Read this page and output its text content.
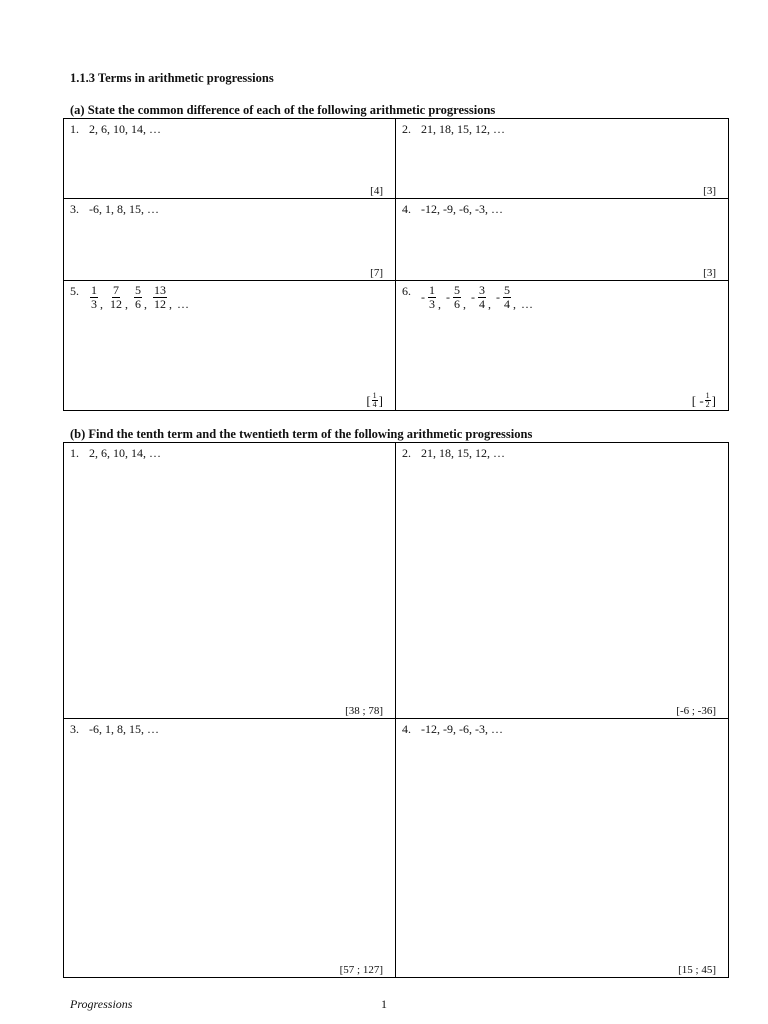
1.1.3 Terms in arithmetic progressions
(a) State the common difference of each of the following arithmetic progressions
1. 2, 6, 10, 14, …
[4]
2. 21, 18, 15, 12, …
[3]
3. -6, 1, 8, 15, …
[7]
4. -12, -9, -6, -3, …
[3]
5. $\frac{1}{3}$ , $\frac{7}{12}$ , $\frac{5}{6}$ , $\frac{13}{12}$ , …
[ $\frac{1}{4}$ ]
6. - $\frac{1}{3}$ , - $\frac{5}{6}$ , - $\frac{3}{4}$ , - $\frac{5}{4}$ , …
[ - $\frac{1}{2}$ ]
(b) Find the tenth term and the twentieth term of the following arithmetic progressions
1. 2, 6, 10, 14, …
[38 ; 78]
2. 21, 18, 15, 12, …
[-6 ; -36]
3. -6, 1, 8, 15, …
[57 ; 127]
4. -12, -9, -6, -3, …
[15 ; 45]
Progressions	1
